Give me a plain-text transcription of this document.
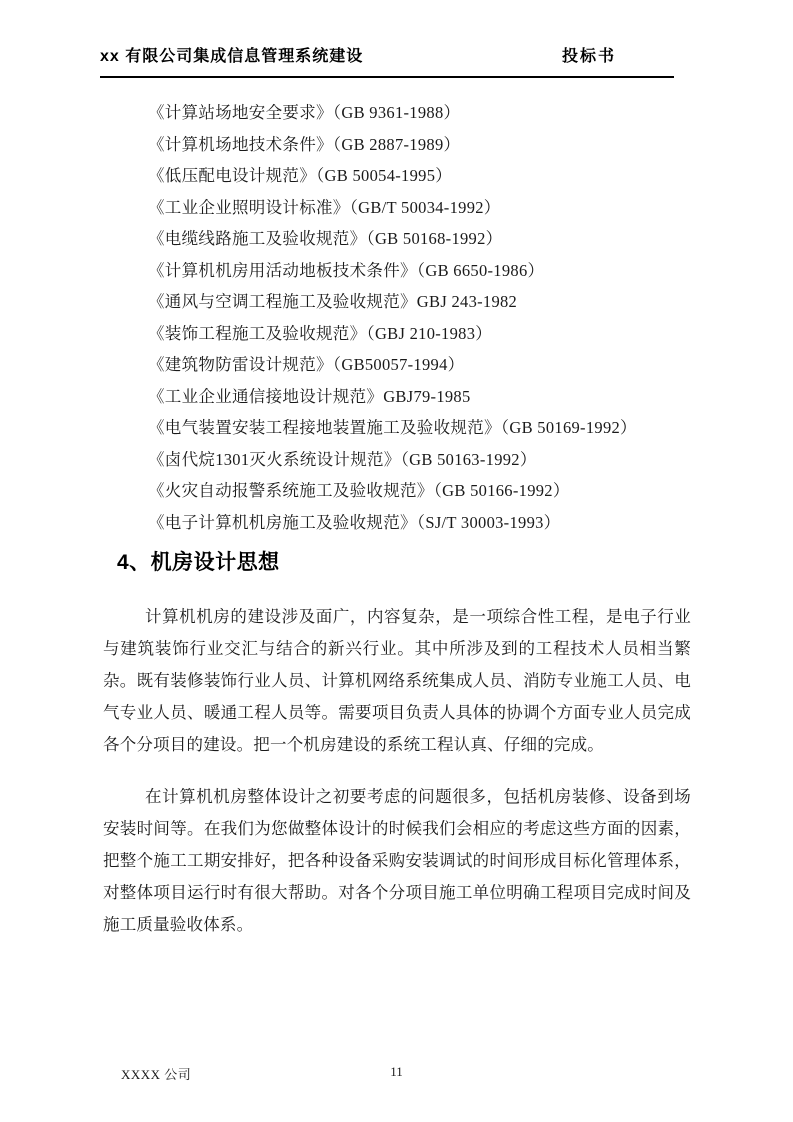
xx 有限公司集成信息管理系统建设	投标书
《计算站场地安全要求》（GB 9361-1988）
《计算机场地技术条件》（GB 2887-1989）
《低压配电设计规范》（GB 50054-1995）
《工业企业照明设计标准》（GB/T 50034-1992）
《电缆线路施工及验收规范》（GB 50168-1992）
《计算机机房用活动地板技术条件》（GB 6650-1986）
《通风与空调工程施工及验收规范》GBJ 243-1982
《装饰工程施工及验收规范》（GBJ 210-1983）
《建筑物防雷设计规范》（GB50057-1994）
《工业企业通信接地设计规范》GBJ79-1985
《电气装置安装工程接地装置施工及验收规范》（GB 50169-1992）
《卤代烷1301灭火系统设计规范》（GB 50163-1992）
《火灾自动报警系统施工及验收规范》（GB 50166-1992）
《电子计算机机房施工及验收规范》（SJ/T 30003-1993）
4、机房设计思想
计算机机房的建设涉及面广，内容复杂，是一项综合性工程，是电子行业与建筑装饰行业交汇与结合的新兴行业。其中所涉及到的工程技术人员相当繁杂。既有装修装饰行业人员、计算机网络系统集成人员、消防专业施工人员、电气专业人员、暖通工程人员等。需要项目负责人具体的协调个方面专业人员完成各个分项目的建设。把一个机房建设的系统工程认真、仔细的完成。
在计算机机房整体设计之初要考虑的问题很多，包括机房装修、设备到场安装时间等。在我们为您做整体设计的时候我们会相应的考虑这些方面的因素，把整个施工工期安排好，把各种设备采购安装调试的时间形成目标化管理体系，对整体项目运行时有很大帮助。对各个分项目施工单位明确工程项目完成时间及施工质量验收体系。
XXXX 公司	11
